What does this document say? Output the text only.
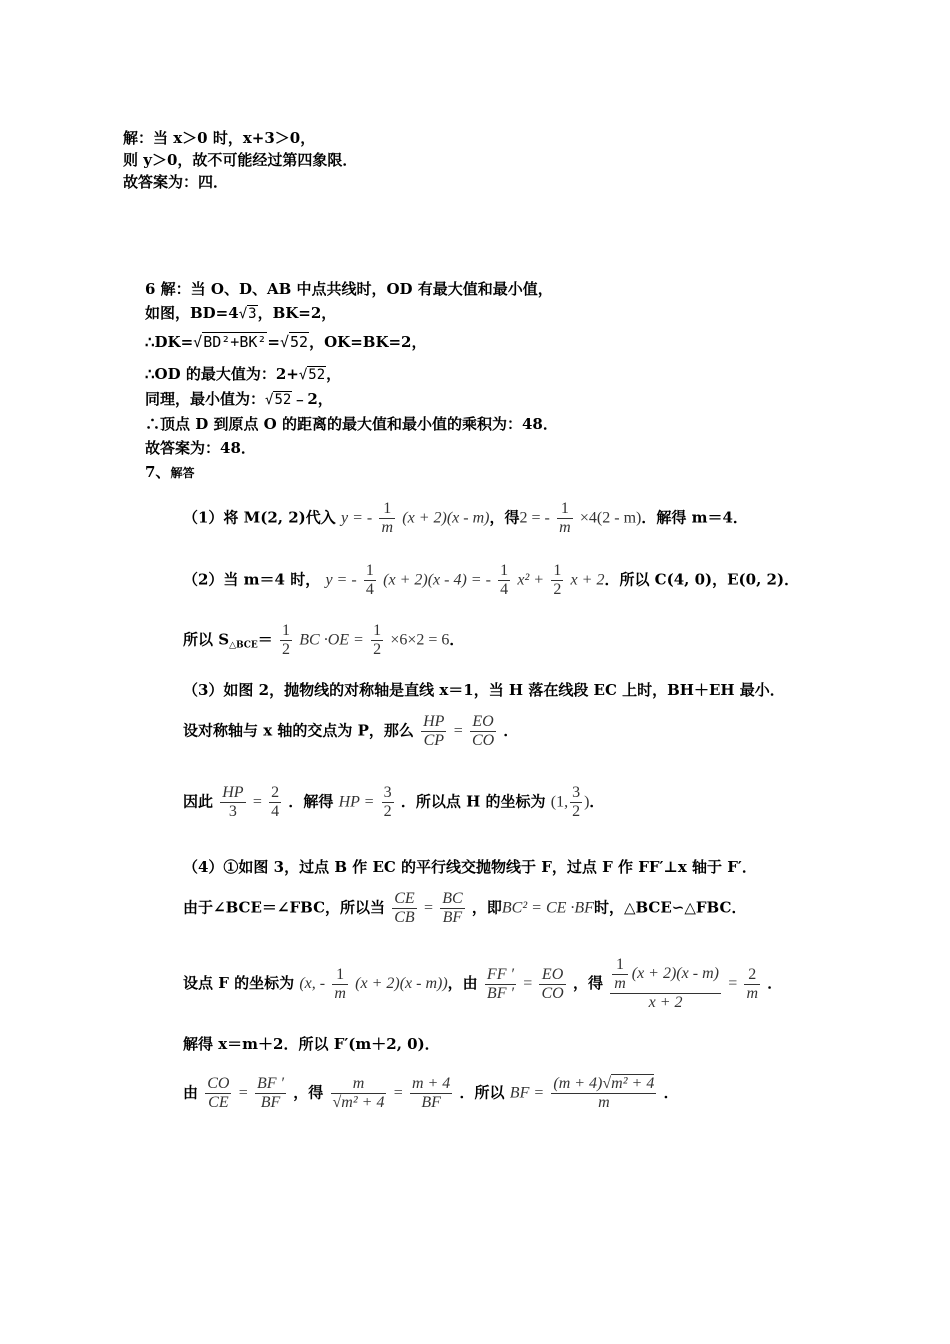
解：当 x＞0 时，x+3＞0，
则 y＞0，故不可能经过第四象限．
故答案为：四．
6 解：当 O、D、AB 中点共线时，OD 有最大值和最小值，
如图，BD=4√3，BK=2，
∴DK=√BD²+BK²=√52，OK=BK=2，
∴OD 的最大值为：2+√52，
同理，最小值为：√52﹣2，
∴顶点 D 到原点 O 的距离的最大值和最小值的乘积为：48．
故答案为：48．
7、解答
（1）将 M(2, 2)代入 y = - $\frac{1}{m} (x + 2)(x - m)$，得2 = - $\frac{1}{m} \times 4(2 - m)$．解得 m＝4．
（2）当 m＝4 时， y = - $\frac{1}{4} (x + 2)(x - 4)$ = - $\frac{1}{4} x^2 + \frac{1}{2}$ x + 2．所以 C(4, 0)，E(0, 2)．
所以 $S_{\triangle BCE}= \frac{1}{2}$ BC $\cdot OE = \frac{1}{2} \times 6\times 2 = 6$．
（3）如图 2，抛物线的对称轴是直线 x＝1，当 H 落在线段 EC 上时，BH＋EH 最小．
设对称轴与 x 轴的交点为 P，那么 $\frac{HP}{CP} = \frac{EO}{CO}$ ．
因此 $\frac{HP}{3} = \frac{2}{4}$ ．解得 HP = $\frac{3}{2}$ ．所以点 H 的坐标为 (1, $\frac{3}{2}$ )．
（4）①如图 3，过点 B 作 EC 的平行线交抛物线于 F，过点 F 作 FF′⊥x 轴于 F′．
由于∠BCE＝∠FBC，所以当 $\frac{CE}{CB} = \frac{BC}{BF}$ ，即BC² = CE ·BF时，△BCE∽△FBC．
设点 F 的坐标为 (x, - $\frac{1}{m} (x + 2)(x - m)$)，由 $\frac{FF '}{BF '} = \frac{EO}{CO}$ ，得 $\frac{\frac{1}{m} (x + 2)(x - m)}{x + 2} = \frac{2}{m}$ ．
解得 x＝m＋2．所以 F′(m＋2, 0)．
由 $\frac{CO}{CE} = \frac{BF '}{BF}$ ，得 $\frac{m}{\text{√m² + 4}} = \frac{m + 4}{BF}$ ．所以 BF = $\frac{\text{(m + 4)√m² + 4}}{m}$ ．
